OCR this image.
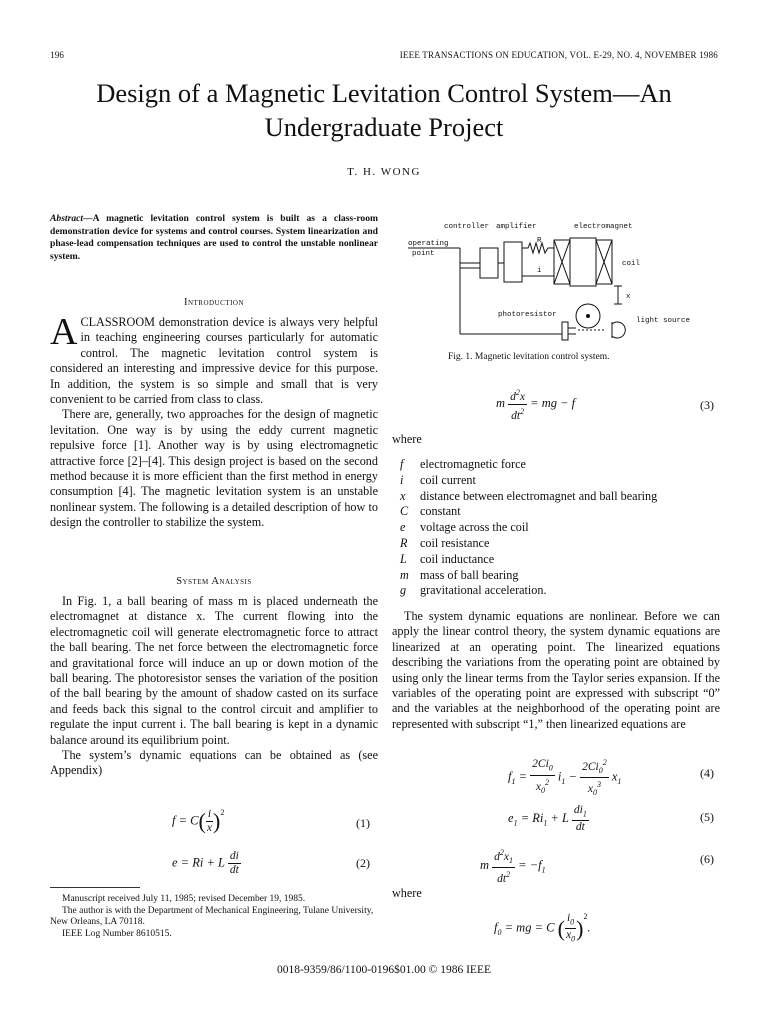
196	IEEE TRANSACTIONS ON EDUCATION, VOL. E-29, NO. 4, NOVEMBER 1986
Design of a Magnetic Levitation Control System—An
Undergraduate Project
T. H. WONG
Abstract—A magnetic levitation control system is built as a class-room demonstration device for systems and control courses. System linearization and phase-lead compensation techniques are used to control the unstable nonlinear system.
Introduction

ACLASSROOM demonstration device is always very helpful in teaching engineering courses particularly for automatic control. The magnetic levitation control system is considered an interesting and impressive device for this purpose. In addition, the system is so simple and small that is very convenient to be carried from class to class.

There are, generally, two approaches for the design of magnetic levitation. One way is by using the eddy current magnetic repulsive force [1]. Another way is by using electromagnetic attractive force [2]–[4]. This design project is based on the second method because it is more efficient than the first method in energy consumption [4]. The magnetic levitation system is an unstable nonlinear system. The following is a detailed description of how to design the controller to stabilize the system.

System Analysis

In Fig. 1, a ball bearing of mass m is placed underneath the electromagnet at distance x. The current flowing into the electromagnetic coil will generate electromagnetic force to attract the ball bearing. The net force between the electromagnetic force and gravitational force will induce an up or down motion of the ball bearing. The photoresistor senses the variation of the position of the ball bearing by the amount of shadow casted on its surface and feeds back this signal to the control circuit and amplifier to regulate the input current i. The ball bearing is kept in a dynamic balance around its equilibrium point.

The system’s dynamic equations can be obtained as (see Appendix)

$f = C( \frac{i}{x} )^2$
(1)
e = Ri + L $\frac{di}{dt}$	(2)
Manuscript received July 11, 1985; revised December 19, 1985.
The author is with the Department of Mechanical Engineering, Tulane University, New Orleans, LA 70118.
IEEE Log Number 8610515.
controller amplifier	electromagnet
operating
point
R
i
coil
x
photoresistor
light source
Fig. 1. Magnetic levitation control system.
m $\frac{d^2x}{dt^2}$ = mg − f	(3)
where
f	electromagnetic force
i	coil current
x	distance between electromagnet and ball bearing
C constant
e	voltage across the coil
R	coil resistance
L	coil inductance
m mass of ball bearing
g	gravitational acceleration.

The system dynamic equations are nonlinear. Before we can apply the linear control theory, the system dynamic equations are linearized at an operating point. The linearized equations describing the variations from the operating point are obtained by using only the linear terms from the Taylor series expansion. If the variables of the operating point are expressed with subscript “0” and the variables at the neighborhood of the operating point are represented with subscript “1,” then linearized equations are

$f_1 = \frac{2Ci_0}{x_0^2} i_1 - \frac{2Ci_0^2}{x_0^3} x_1$
(4)
$e_1 = Ri_1 + L \frac{di_1}{dt}$	(5)
m $\frac{d^2x_1}{dt^2} = -f_1$
(6)
where
$f_0$ = mg = C ( $\frac{i_0}{x_0} )^2$.
0018-9359/86/1100-0196$01.00 © 1986 IEEE
